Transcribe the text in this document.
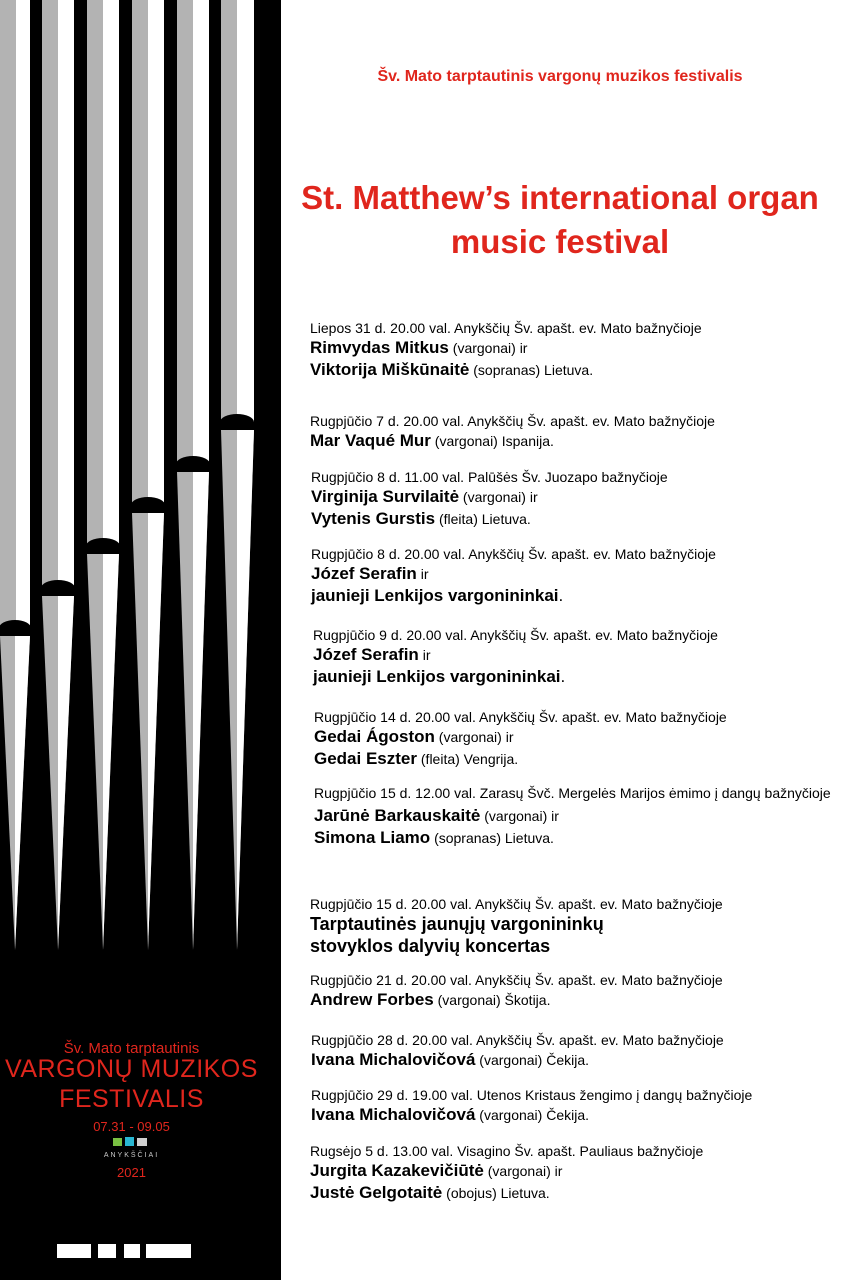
Šv. Mato tarptautinis
VARGONŲ MUZIKOS
FESTIVALIS
07.31 - 09.05
ANYKŠČIAI
2021
Šv. Mato tarptautinis vargonų muzikos festivalis
St. Matthew’s international organ music festival
Liepos 31 d. 20.00 val. Anykščių Šv. apašt. ev. Mato bažnyčioje
Rimvydas Mitkus (vargonai) ir
Viktorija Miškūnaitė (sopranas) Lietuva.
Rugpjūčio 7 d. 20.00 val. Anykščių Šv. apašt. ev. Mato bažnyčioje
Mar Vaqué Mur (vargonai) Ispanija.
Rugpjūčio 8 d. 11.00 val. Palūšės Šv. Juozapo bažnyčioje
Virginija Survilaitė (vargonai) ir
Vytenis Gurstis (fleita) Lietuva.
Rugpjūčio 8 d. 20.00 val. Anykščių Šv. apašt. ev. Mato bažnyčioje
Józef Serafin ir
jaunieji Lenkijos vargonininkai.
Rugpjūčio 9 d. 20.00 val. Anykščių Šv. apašt. ev. Mato bažnyčioje
Józef Serafin ir
jaunieji Lenkijos vargonininkai.
Rugpjūčio 14 d. 20.00 val. Anykščių Šv. apašt. ev. Mato bažnyčioje
Gedai Ágoston (vargonai) ir
Gedai Eszter (fleita) Vengrija.
Rugpjūčio 15 d. 12.00 val. Zarasų Švč. Mergelės Marijos ėmimo į dangų bažnyčioje
Jarūnė Barkauskaitė (vargonai) ir
Simona Liamo (sopranas) Lietuva.
Rugpjūčio 15 d. 20.00 val. Anykščių Šv. apašt. ev. Mato bažnyčioje
Tarptautinės jaunųjų vargonininkų
stovyklos dalyvių koncertas
Rugpjūčio 21 d. 20.00 val. Anykščių Šv. apašt. ev. Mato bažnyčioje
Andrew Forbes (vargonai) Škotija.
Rugpjūčio 28 d. 20.00 val. Anykščių Šv. apašt. ev. Mato bažnyčioje
Ivana Michalovičová (vargonai) Čekija.
Rugpjūčio 29 d. 19.00 val. Utenos Kristaus žengimo į dangų bažnyčioje
Ivana Michalovičová (vargonai) Čekija.
Rugsėjo 5 d. 13.00 val. Visagino Šv. apašt. Pauliaus bažnyčioje
Jurgita Kazakevičiūtė (vargonai) ir
Justė Gelgotaitė (obojus) Lietuva.
